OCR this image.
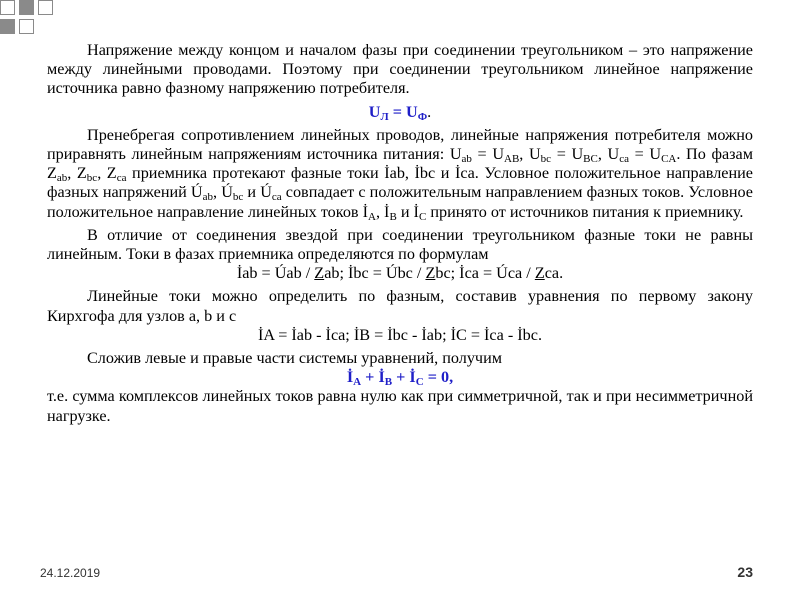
Напряжение между концом и началом фазы при соединении треугольником – это напряжение между линейными проводами. Поэтому при соединении треугольником линейное напряжение источника равно фазному напряжению потребителя.

$U_Л = U_Ф$.

Пренебрегая сопротивлением линейных проводов, линейные напряжения потребителя можно приравнять линейным напряжениям источника питания: $U_{ab} = U_{AB}$, $U_{bc} = U_{BC}$, $U_{ca} = U_{CA}$. По фазам $Z_{ab}$, $Z_{bc}$, $Z_{ca}$ приемника протекают фазные токи İab, İbc и İca. Условное положительное направление фазных напряжений $Ú_{ab}$, $Ú_{bc}$ и $Ú_{ca}$ совпадает с положительным направлением фазных токов. Условное положительное направление линейных токов $İ_A$, $İ_B$ и $İ_C$ принято от источников питания к приемнику.

В отличие от соединения звездой при соединении треугольником фазные токи не равны линейным. Токи в фазах приемника определяются по формулам

İab = Úab / Zab; İbc = Úbc / Zbc; İca = Úca / Zca.

Линейные токи можно определить по фазным, составив уравнения по первому закону Кирхгофа для узлов a, b и c

İA = İab - İca; İB = İbc - İab; İC = İca - İbc.

Сложив левые и правые части системы уравнений, получим

$İ_A$ + $İ_B$ + $İ_C = 0$,

т.е. сумма комплексов линейных токов равна нулю как при симметричной, так и при несимметричной нагрузке.

24.12.2019	23
